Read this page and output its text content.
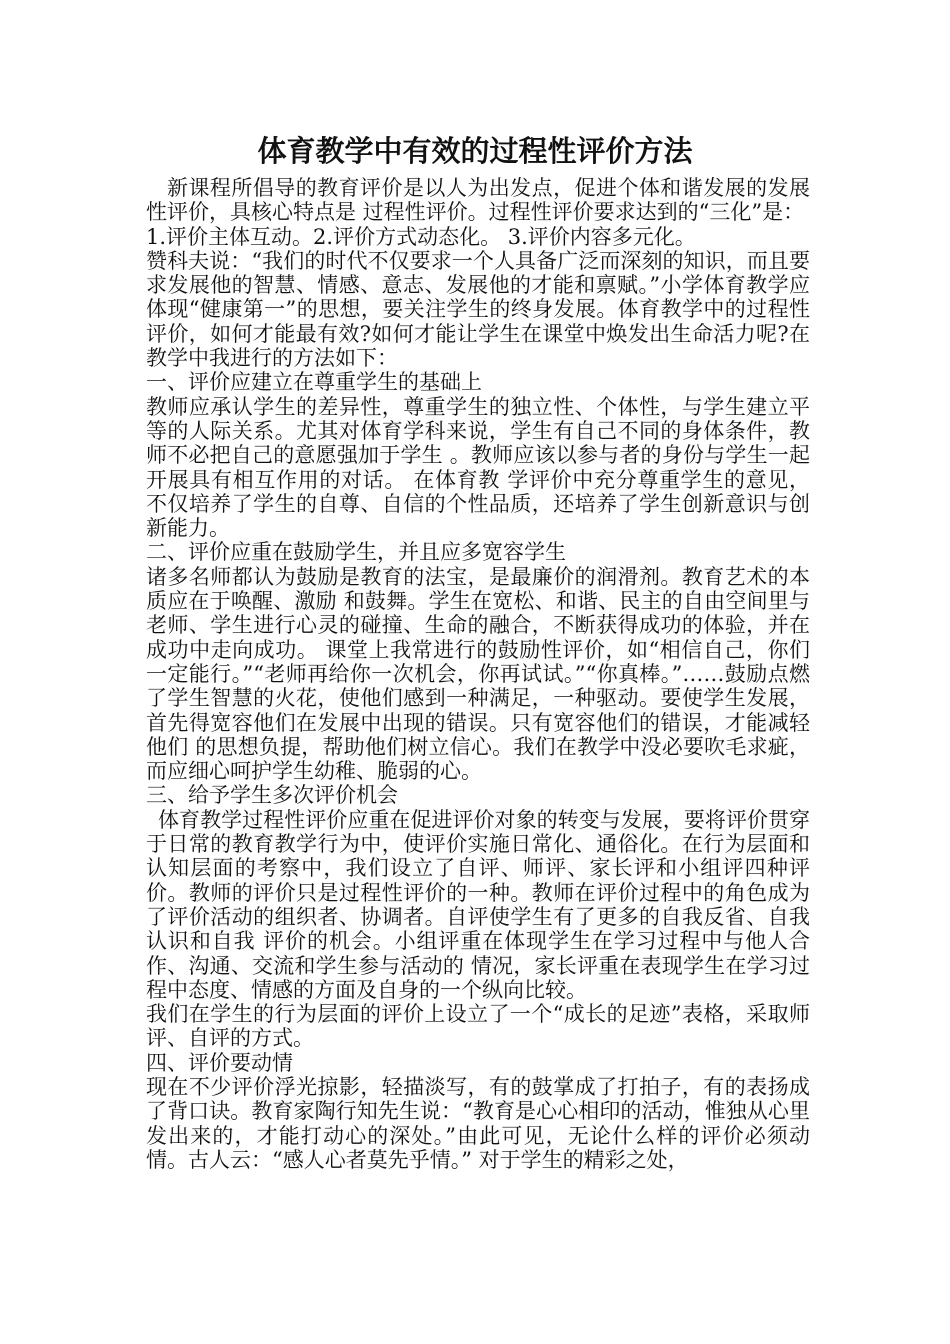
体育教学中有效的过程性评价方法

新课程所倡导的教育评价是以人为出发点，促进个体和谐发展的发展性评价，具核心特点是 过程性评价。过程性评价要求达到的“三化”是：

1.评价主体互动。2.评价方式动态化。 3.评价内容多元化。

赞科夫说：“我们的时代不仅要求一个人具备广泛而深刻的知识，而且要求发展他的智慧、情感、意志、发展他的才能和禀赋。”小学体育教学应体现“健康第一”的思想，要关注学生的终身发展。体育教学中的过程性评价，如何才能最有效?如何才能让学生在课堂中焕发出生命活力呢?在教学中我进行的方法如下：

一、评价应建立在尊重学生的基础上

教师应承认学生的差异性，尊重学生的独立性、个体性，与学生建立平等的人际关系。尤其对体育学科来说，学生有自己不同的身体条件，教师不必把自己的意愿强加于学生 。教师应该以参与者的身份与学生一起开展具有相互作用的对话。 在体育教 学评价中充分尊重学生的意见，不仅培养了学生的自尊、自信的个性品质，还培养了学生创新意识与创新能力。

二、评价应重在鼓励学生，并且应多宽容学生

诸多名师都认为鼓励是教育的法宝，是最廉价的润滑剂。教育艺术的本质应在于唤醒、激励 和鼓舞。学生在宽松、和谐、民主的自由空间里与老师、学生进行心灵的碰撞、生命的融合，不断获得成功的体验，并在成功中走向成功。 课堂上我常进行的鼓励性评价，如“相信自己，你们一定能行。”“老师再给你一次机会，你再试试。”“你真棒。”……鼓励点燃了学生智慧的火花，使他们感到一种满足，一种驱动。要使学生发展，首先得宽容他们在发展中出现的错误。只有宽容他们的错误，才能减轻他们 的思想负提，帮助他们树立信心。我们在教学中没必要吹毛求疵，而应细心呵护学生幼稚、脆弱的心。

三、给予学生多次评价机会

体育教学过程性评价应重在促进评价对象的转变与发展，要将评价贯穿于日常的教育教学行为中，使评价实施日常化、通俗化。在行为层面和认知层面的考察中，我们设立了自评、师评、家长评和小组评四种评价。教师的评价只是过程性评价的一种。教师在评价过程中的角色成为了评价活动的组织者、协调者。自评使学生有了更多的自我反省、自我认识和自我 评价的机会。小组评重在体现学生在学习过程中与他人合作、沟通、交流和学生参与活动的 情况，家长评重在表现学生在学习过程中态度、情感的方面及自身的一个纵向比较。

我们在学生的行为层面的评价上设立了一个“成长的足迹”表格，采取师评、自评的方式。

四、评价要动情

现在不少评价浮光掠影，轻描淡写，有的鼓掌成了打拍子，有的表扬成了背口诀。教育家陶行知先生说：“教育是心心相印的活动，惟独从心里发出来的，才能打动心的深处。”由此可见，无论什么样的评价必须动情。古人云：“感人心者莫先乎情。” 对于学生的精彩之处，
